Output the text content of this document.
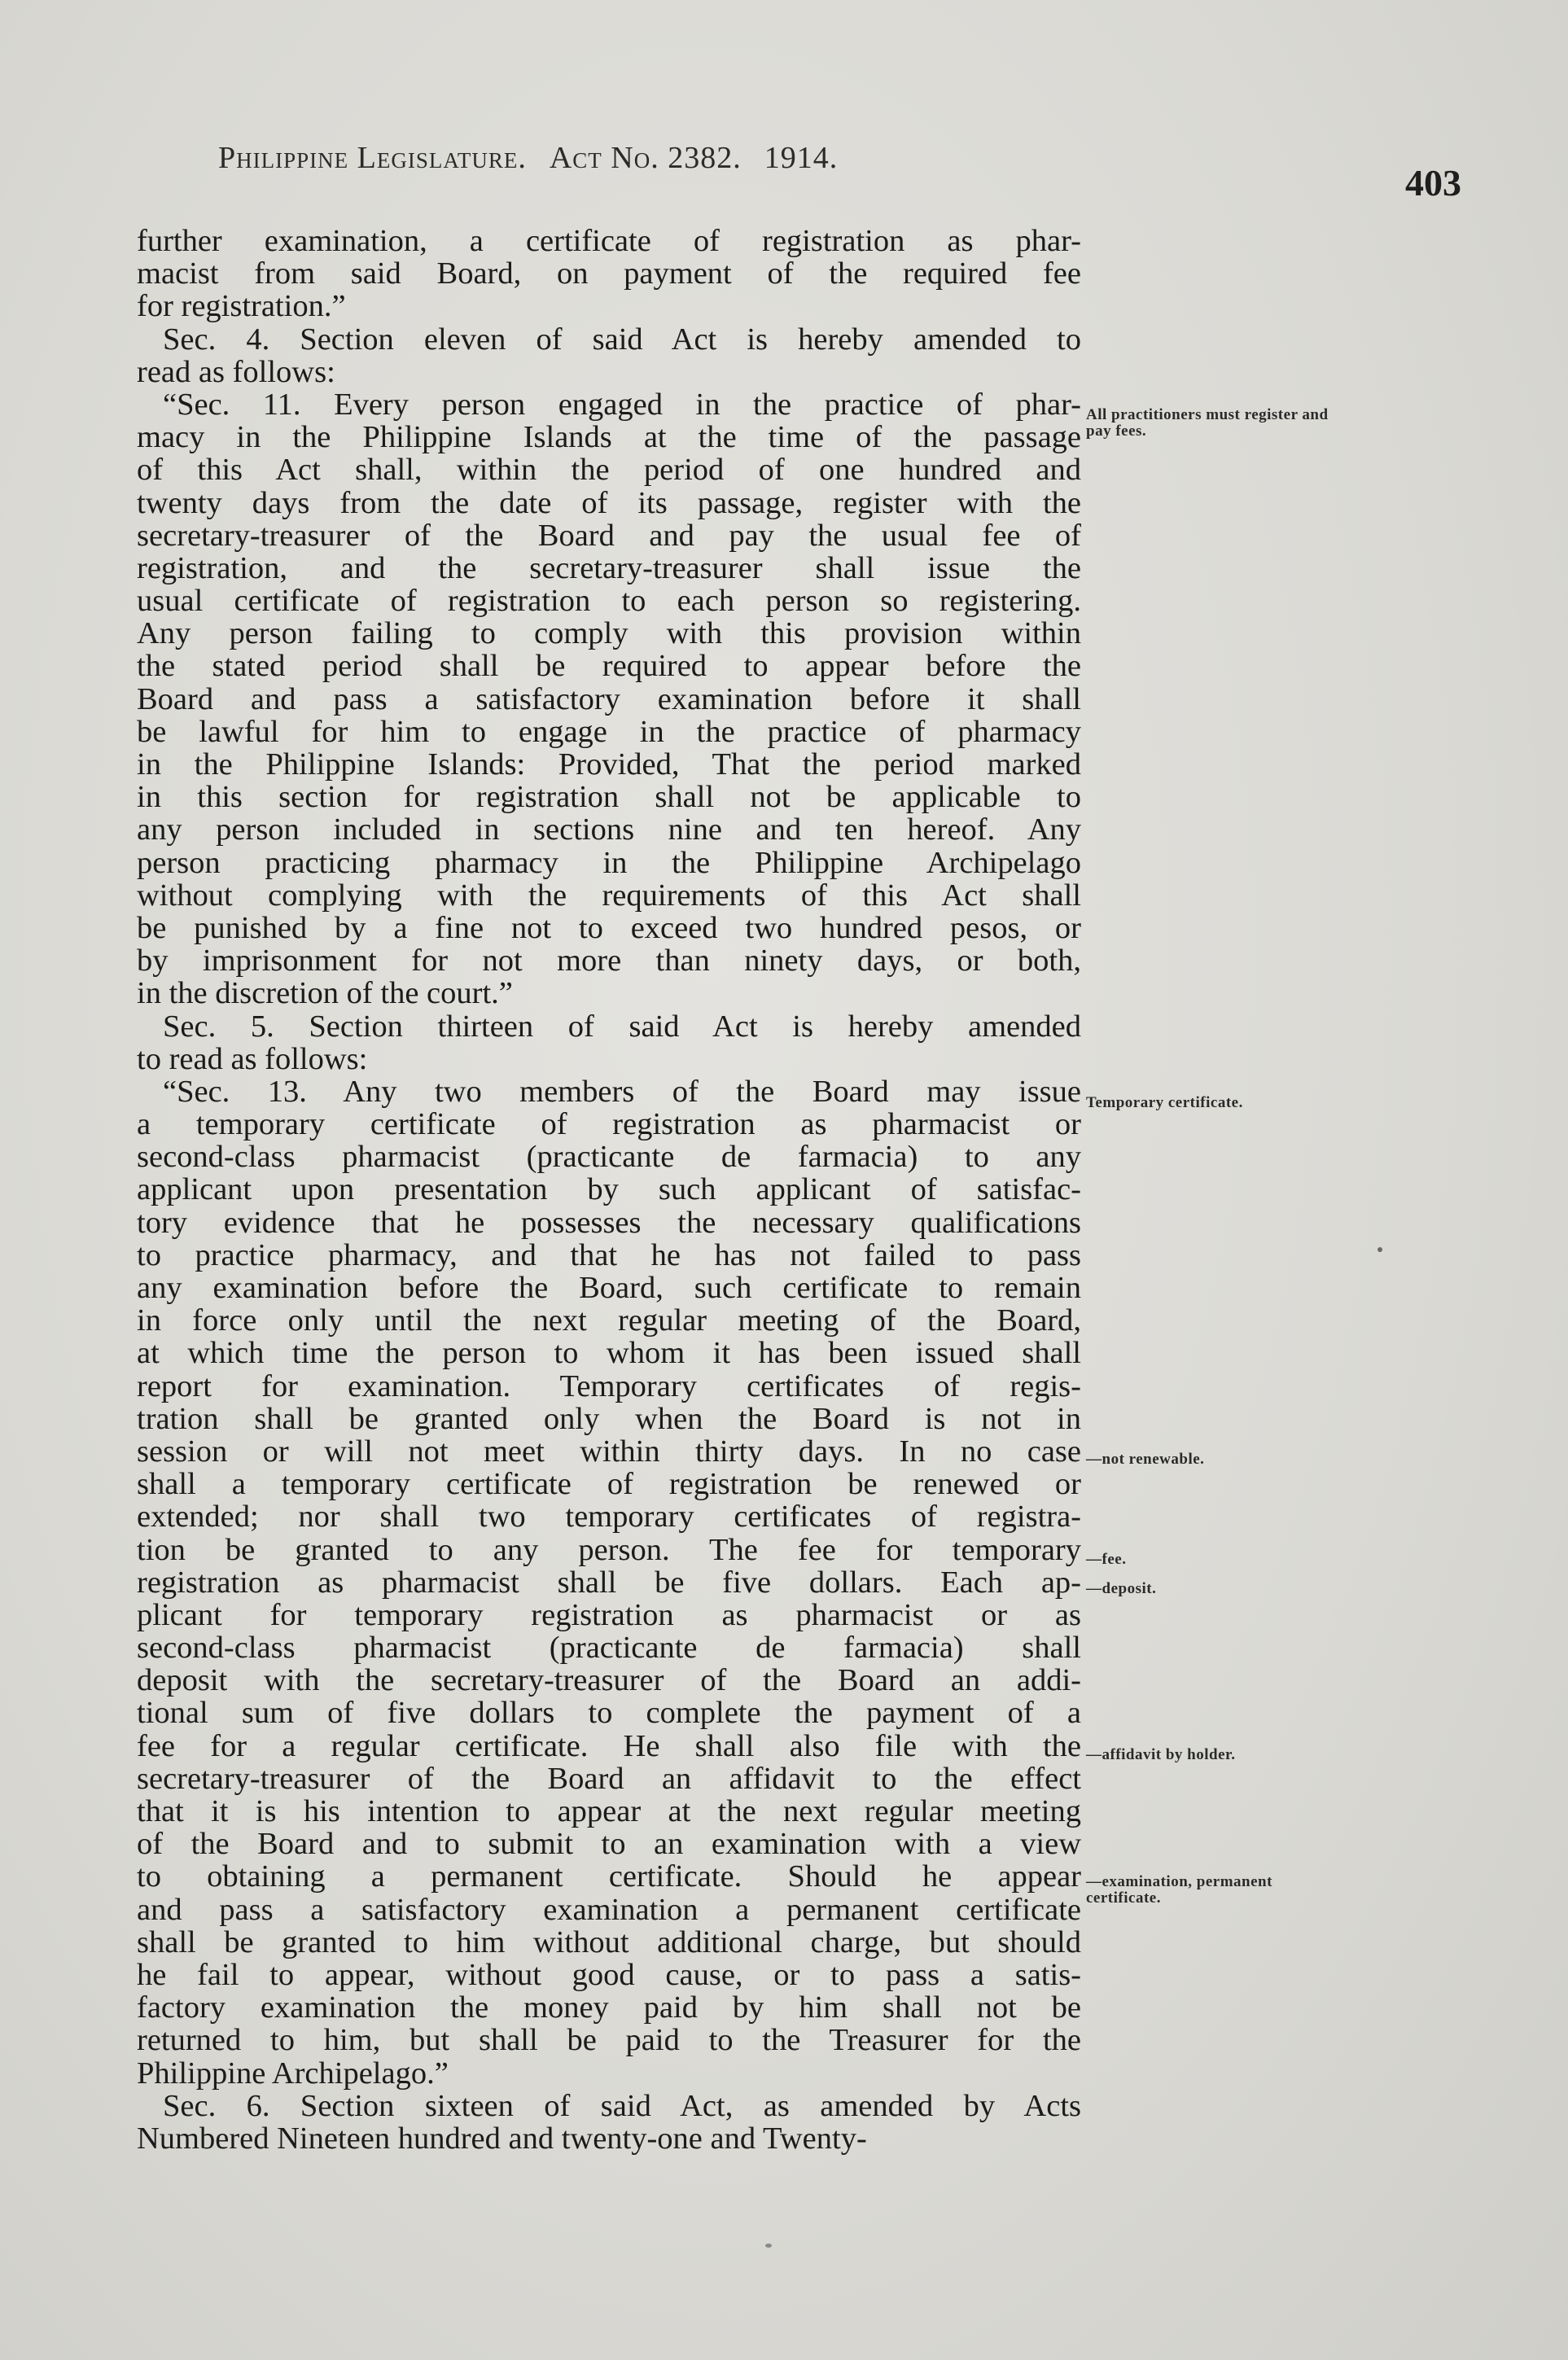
Philippine Legislature. Act No. 2382. 1914.
403
further examination, a certificate of registration as phar-
macist from said Board, on payment of the required fee
for registration.”
Sec. 4. Section eleven of said Act is hereby amended to
read as follows:
“Sec. 11. Every person engaged in the practice of phar-
macy in the Philippine Islands at the time of the passage
of this Act shall, within the period of one hundred and
twenty days from the date of its passage, register with the
secretary-treasurer of the Board and pay the usual fee of
registration, and the secretary-treasurer shall issue the
usual certificate of registration to each person so registering.
Any person failing to comply with this provision within
the stated period shall be required to appear before the
Board and pass a satisfactory examination before it shall
be lawful for him to engage in the practice of pharmacy
in the Philippine Islands: Provided, That the period marked
in this section for registration shall not be applicable to
any person included in sections nine and ten hereof. Any
person practicing pharmacy in the Philippine Archipelago
without complying with the requirements of this Act shall
be punished by a fine not to exceed two hundred pesos, or
by imprisonment for not more than ninety days, or both,
in the discretion of the court.”
Sec. 5. Section thirteen of said Act is hereby amended
to read as follows:
“Sec. 13. Any two members of the Board may issue
a temporary certificate of registration as pharmacist or
second-class pharmacist (practicante de farmacia) to any
applicant upon presentation by such applicant of satisfac-
tory evidence that he possesses the necessary qualifications
to practice pharmacy, and that he has not failed to pass
any examination before the Board, such certificate to remain
in force only until the next regular meeting of the Board,
at which time the person to whom it has been issued shall
report for examination. Temporary certificates of regis-
tration shall be granted only when the Board is not in
session or will not meet within thirty days. In no case
shall a temporary certificate of registration be renewed or
extended; nor shall two temporary certificates of registra-
tion be granted to any person. The fee for temporary
registration as pharmacist shall be five dollars. Each ap-
plicant for temporary registration as pharmacist or as
second-class pharmacist (practicante de farmacia) shall
deposit with the secretary-treasurer of the Board an addi-
tional sum of five dollars to complete the payment of a
fee for a regular certificate. He shall also file with the
secretary-treasurer of the Board an affidavit to the effect
that it is his intention to appear at the next regular meeting
of the Board and to submit to an examination with a view
to obtaining a permanent certificate. Should he appear
and pass a satisfactory examination a permanent certificate
shall be granted to him without additional charge, but should
he fail to appear, without good cause, or to pass a satis-
factory examination the money paid by him shall not be
returned to him, but shall be paid to the Treasurer for the
Philippine Archipelago.”
Sec. 6. Section sixteen of said Act, as amended by Acts
Numbered Nineteen hundred and twenty-one and Twenty-
All practitioners must register and pay fees.
Temporary certificate.
—not renewable.
—fee.
—deposit.
—affidavit by holder.
—examination, permanent certificate.
